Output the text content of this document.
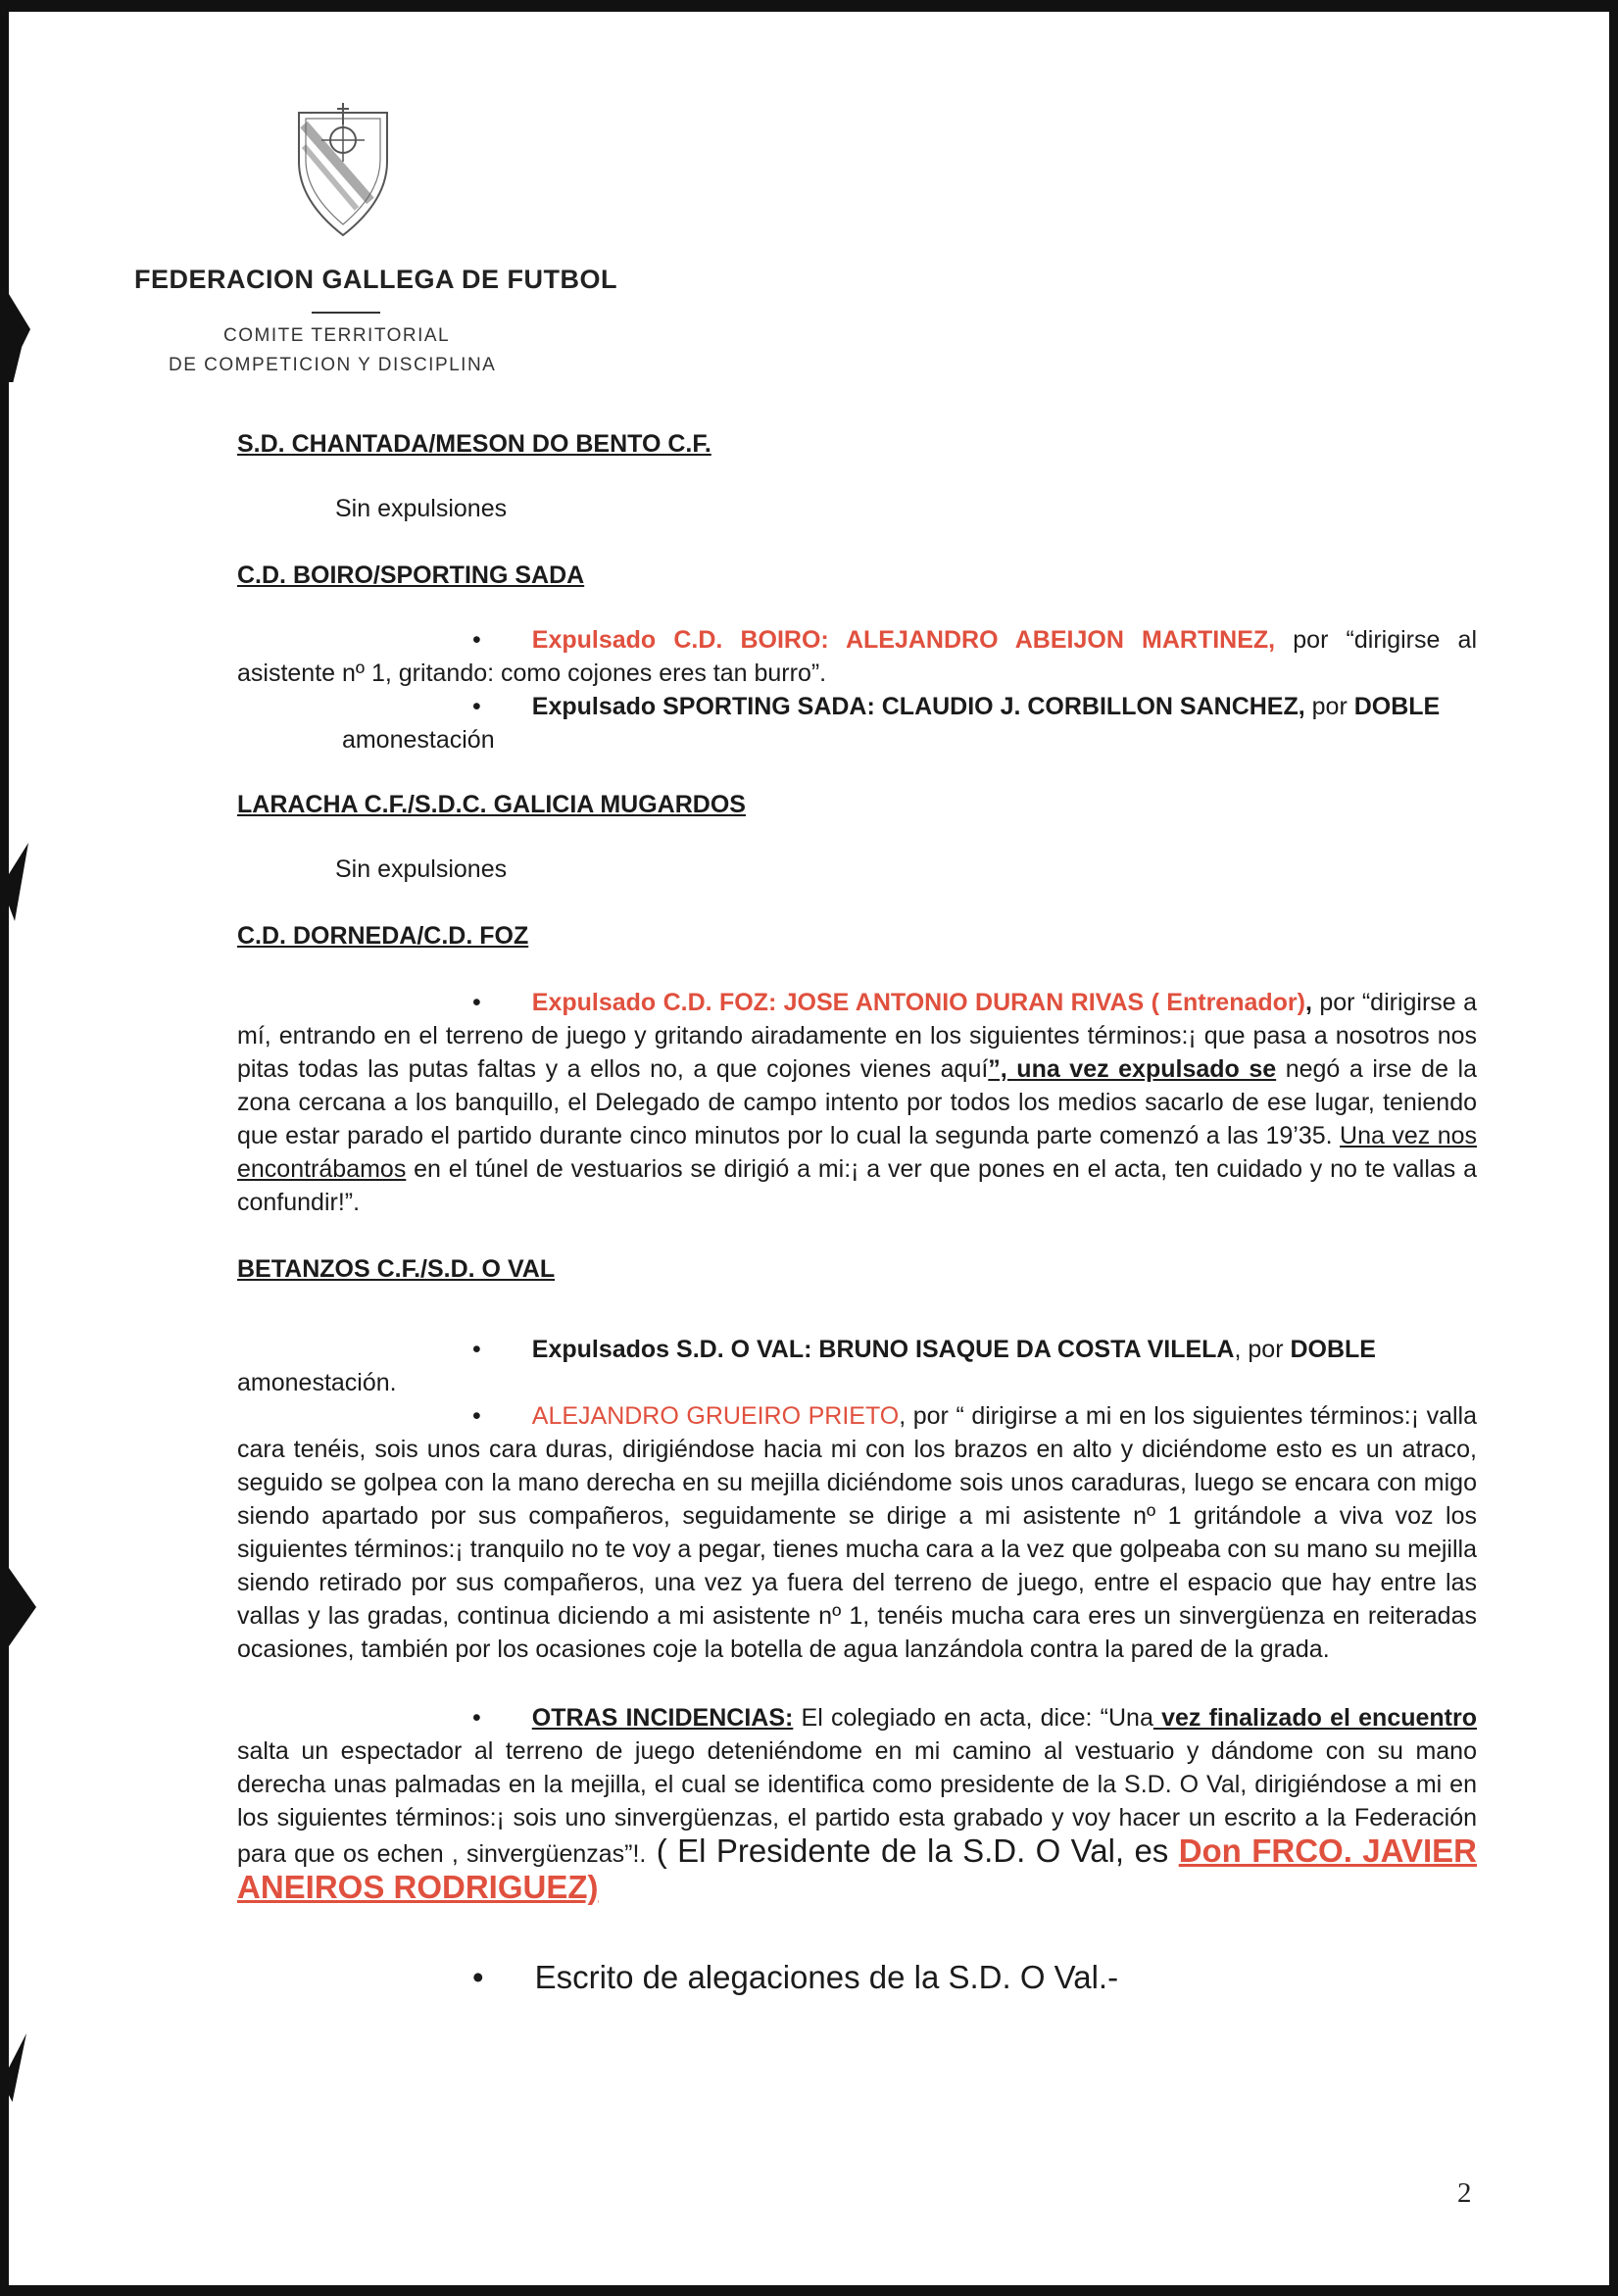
FEDERACION GALLEGA DE FUTBOL
COMITE TERRITORIAL
DE COMPETICION Y DISCIPLINA

S.D. CHANTADA/MESON DO BENTO C.F.

Sin expulsiones

C.D. BOIRO/SPORTING SADA

• Expulsado C.D. BOIRO: ALEJANDRO ABEIJON MARTINEZ, por “dirigirse al asistente nº 1, gritando: como cojones eres tan burro”.

• Expulsado SPORTING SADA: CLAUDIO J. CORBILLON SANCHEZ, por DOBLE
amonestación

LARACHA C.F./S.D.C. GALICIA MUGARDOS

Sin expulsiones

C.D. DORNEDA/C.D. FOZ

• Expulsado C.D. FOZ: JOSE ANTONIO DURAN RIVAS ( Entrenador), por “dirigirse a mí, entrando en el terreno de juego y gritando airadamente en los siguientes términos:¡ que pasa a nosotros nos pitas todas las putas faltas y a ellos no, a que cojones vienes aquí”, una vez expulsado se negó a irse de la zona cercana a los banquillo, el Delegado de campo intento por todos los medios sacarlo de ese lugar, teniendo que estar parado el partido durante cinco minutos por lo cual la segunda parte comenzó a las 19’35. Una vez nos encontrábamos en el túnel de vestuarios se dirigió a mi:¡ a ver que pones en el acta, ten cuidado y no te vallas a confundir!”.

BETANZOS C.F./S.D. O VAL

• Expulsados S.D. O VAL: BRUNO ISAQUE DA COSTA VILELA, por DOBLE
amonestación.

• ALEJANDRO GRUEIRO PRIETO, por “ dirigirse a mi en los siguientes términos:¡ valla cara tenéis, sois unos cara duras, dirigiéndose hacia mi con los brazos en alto y diciéndome esto es un atraco, seguido se golpea con la mano derecha en su mejilla diciéndome sois unos caraduras, luego se encara con migo siendo apartado por sus compañeros, seguidamente se dirige a mi asistente nº 1 gritándole a viva voz los siguientes términos:¡ tranquilo no te voy a pegar, tienes mucha cara a la vez que golpeaba con su mano su mejilla siendo retirado por sus compañeros, una vez ya fuera del terreno de juego, entre el espacio que hay entre las vallas y las gradas, continua diciendo a mi asistente nº 1, tenéis mucha cara eres un sinvergüenza en reiteradas ocasiones, también por los ocasiones coje la botella de agua lanzándola contra la pared de la grada.

• OTRAS INCIDENCIAS: El colegiado en acta, dice: “Una vez finalizado el encuentro salta un espectador al terreno de juego deteniéndome en mi camino al vestuario y dándome con su mano derecha unas palmadas en la mejilla, el cual se identifica como presidente de la S.D. O Val, dirigiéndose a mi en los siguientes términos:¡ sois uno sinvergüenzas, el partido esta grabado y voy hacer un escrito a la Federación para que os echen , sinvergüenzas”!. ( El Presidente de la S.D. O Val, es Don FRCO. JAVIER ANEIROS RODRIGUEZ)

• Escrito de alegaciones de la S.D. O Val.-

2
